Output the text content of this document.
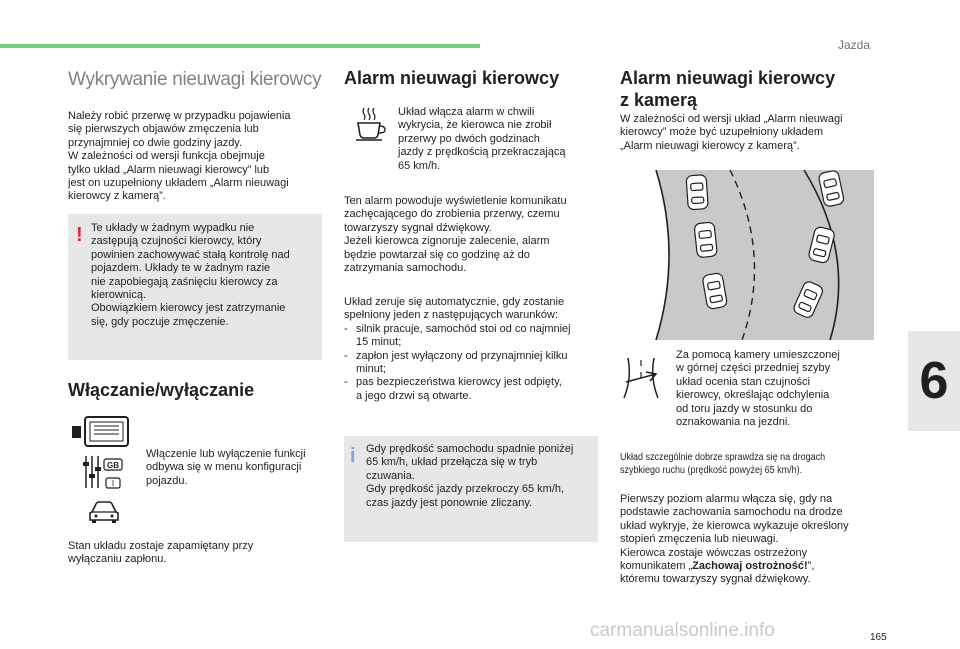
Jazda
6
165
Wykrywanie nieuwagi kierowcy

Należy robić przerwę w przypadku pojawienia

się pierwszych objawów zmęczenia lub

przynajmniej co dwie godziny jazdy.

W zależności od wersji funkcja obejmuje

tylko układ „Alarm nieuwagi kierowcy” lub

jest on uzupełniony układem „Alarm nieuwagi

kierowcy z kamerą”.

! Te układy w żadnym wypadku nie

zastępują czujności kierowcy, który

powinien zachowywać stałą kontrolę nad

pojazdem. Układy te w żadnym razie

nie zapobiegają zaśnięciu kierowcy za

kierownicą.

Obowiązkiem kierowcy jest zatrzymanie

się, gdy poczuje zmęczenie.

Włączanie/wyłączanie
GB
I

Włączenie lub wyłączenie funkcji

odbywa się w menu konfiguracji

pojazdu.

Stan układu zostaje zapamiętany przy

wyłączaniu zapłonu.

Alarm nieuwagi kierowcy

Układ włącza alarm w chwili

wykrycia, że kierowca nie zrobił

przerwy po dwóch godzinach

jazdy z prędkością przekraczającą

65 km/h.

Ten alarm powoduje wyświetlenie komunikatu

zachęcającego do zrobienia przerwy, czemu

towarzyszy sygnał dźwiękowy.

Jeżeli kierowca zignoruje zalecenie, alarm

będzie powtarzał się co godzinę aż do

zatrzymania samochodu.

Układ zeruje się automatycznie, gdy zostanie

spełniony jeden z następujących warunków:

- silnik pracuje, samochód stoi od co najmniej
15 minut;
- zapłon jest wyłączony od przynajmniej kilku
minut;
- pas bezpieczeństwa kierowcy jest odpięty,
a jego drzwi są otwarte.
i Gdy prędkość samochodu spadnie poniżej

65 km/h, układ przełącza się w tryb

czuwania.

Gdy prędkość jazdy przekroczy 65 km/h,

czas jazdy jest ponownie zliczany.

Alarm nieuwagi kierowcy
z kamerą

W zależności od wersji układ „Alarm nieuwagi

kierowcy” może być uzupełniony układem

„Alarm nieuwagi kierowcy z kamerą”.

Za pomocą kamery umieszczonej

w górnej części przedniej szyby

układ ocenia stan czujności

kierowcy, określając odchylenia

od toru jazdy w stosunku do

oznakowania na jezdni.

Układ szczególnie dobrze sprawdza się na drogach
szybkiego ruchu (prędkość powyżej 65 km/h).

Pierwszy poziom alarmu włącza się, gdy na

podstawie zachowania samochodu na drodze

układ wykryje, że kierowca wykazuje określony

stopień zmęczenia lub nieuwagi.

Kierowca zostaje wówczas ostrzeżony

komunikatem „Zachowaj ostrożność!”,

któremu towarzyszy sygnał dźwiękowy.

carmanualsonline.info
